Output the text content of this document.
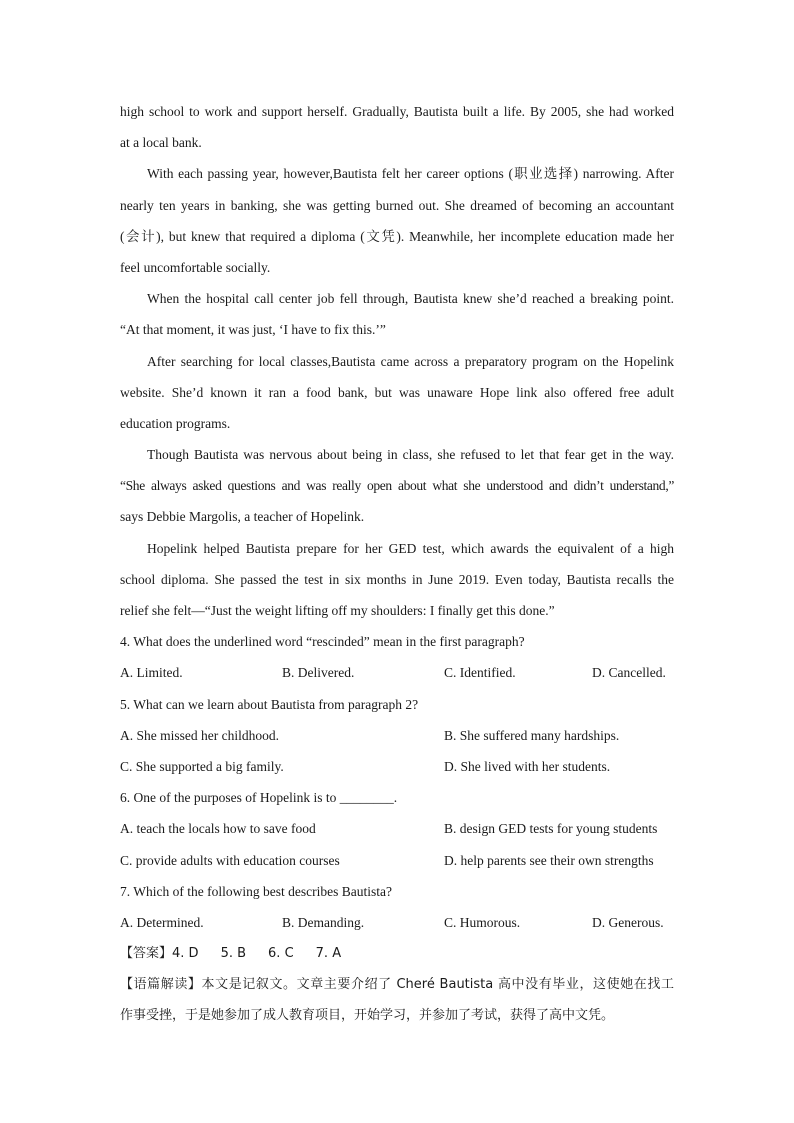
high school to work and support herself. Gradually, Bautista built a life. By 2005, she had worked
at a local bank.
With each passing year, however,Bautista felt her career options (职业选择) narrowing. After
nearly ten years in banking, she was getting burned out. She dreamed of becoming an accountant
(会计), but knew that required a diploma (文凭). Meanwhile, her incomplete education made her
feel uncomfortable socially.
When the hospital call center job fell through, Bautista knew she’d reached a breaking point.
“At that moment, it was just, ‘I have to fix this.’”
After searching for local classes,Bautista came across a preparatory program on the Hopelink
website. She’d known it ran a food bank, but was unaware Hope link also offered free adult
education programs.
Though Bautista was nervous about being in class, she refused to let that fear get in the way.
“She always asked questions and was really open about what she understood and didn’t understand,”
says Debbie Margolis, a teacher of Hopelink.
Hopelink helped Bautista prepare for her GED test, which awards the equivalent of a high
school diploma. She passed the test in six months in June 2019. Even today, Bautista recalls the
relief she felt—“Just the weight lifting off my shoulders: I finally get this done.”
4. What does the underlined word “rescinded” mean in the first paragraph?
A. Limited.	B. Delivered.	C. Identified.	D. Cancelled.
5. What can we learn about Bautista from paragraph 2?
A. She missed her childhood.	B. She suffered many hardships.
C. She supported a big family.	D. She lived with her students.
6. One of the purposes of Hopelink is to ________.
A. teach the locals how to save food	B. design GED tests for young students
C. provide adults with education courses	D. help parents see their own strengths
7. Which of the following best describes Bautista?
A. Determined.	B. Demanding.	C. Humorous.	D. Generous.
【答案】4. D 5. B 6. C 7. A
【语篇解读】本文是记叙文。文章主要介绍了 Cheré Bautista 高中没有毕业，这使她在找工
作事受挫，于是她参加了成人教育项目，开始学习，并参加了考试，获得了高中文凭。
